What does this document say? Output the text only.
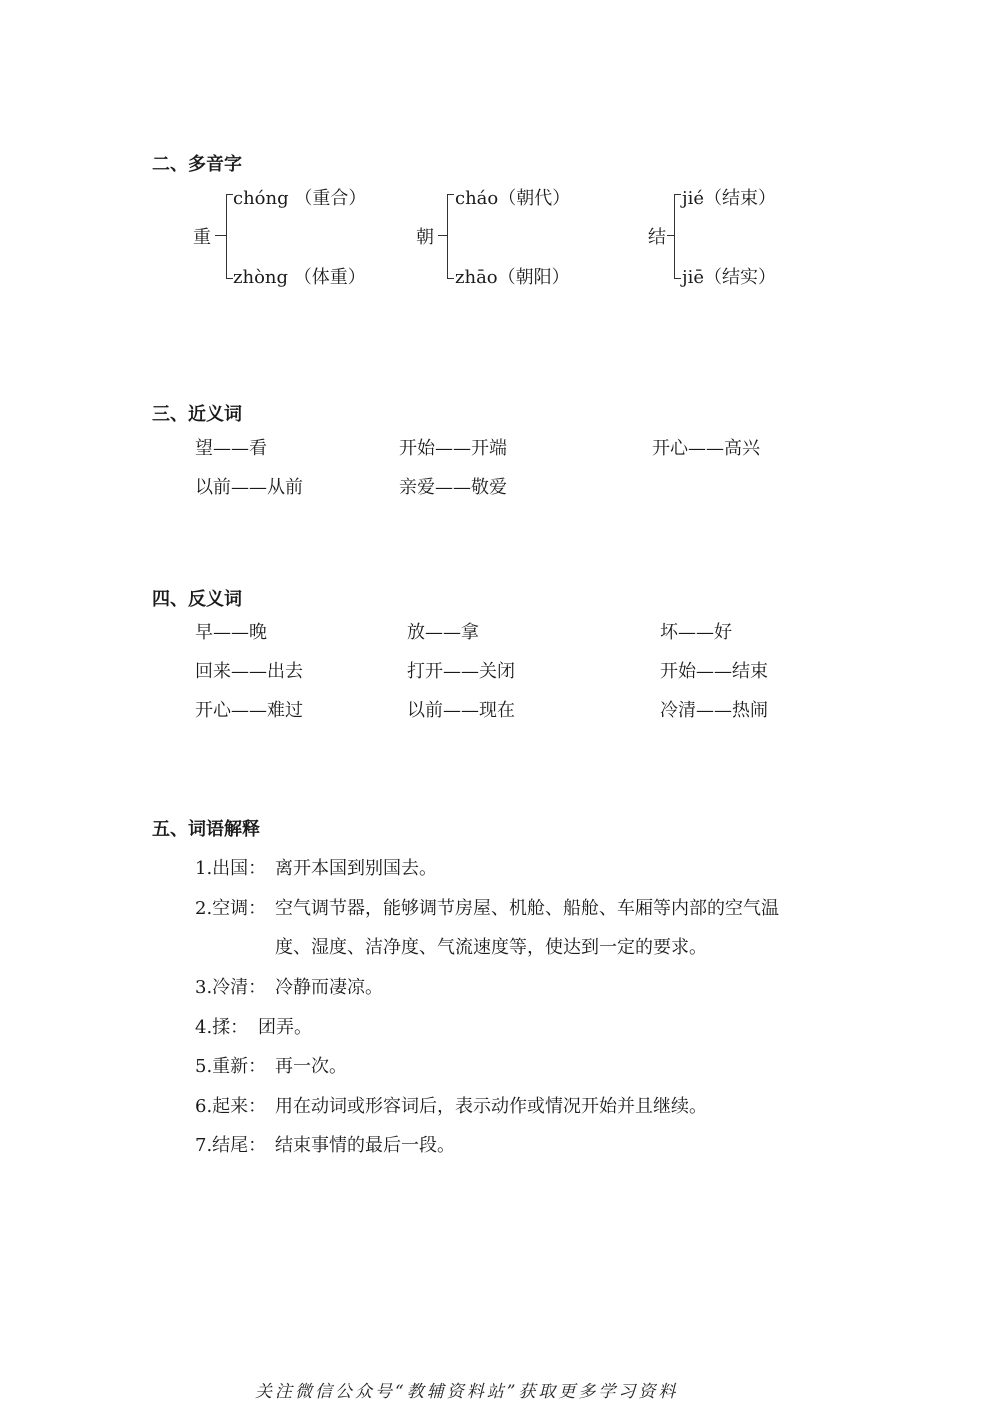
二、多音字
重
chóng （重合）
zhòng （体重）
朝
cháo（朝代）
zhāo（朝阳）
结
jié（结束）
jiē（结实）
三、近义词
望——看	开始——开端	开心——高兴
以前——从前	亲爱——敬爱
四、反义词
早——晚	放——拿	坏——好
回来——出去	打开——关闭	开始——结束
开心——难过	以前——现在	冷清——热闹
五、词语解释
1.出国： 离开本国到别国去。
2.空调： 空气调节器，能够调节房屋、机舱、船舱、车厢等内部的空气温
度、湿度、洁净度、气流速度等，使达到一定的要求。
3.冷清： 冷静而凄凉。
4.揉： 团弄。
5.重新： 再一次。
6.起来： 用在动词或形容词后，表示动作或情况开始并且继续。
7.结尾： 结束事情的最后一段。
关注微信公众号“教辅资料站”获取更多学习资料
